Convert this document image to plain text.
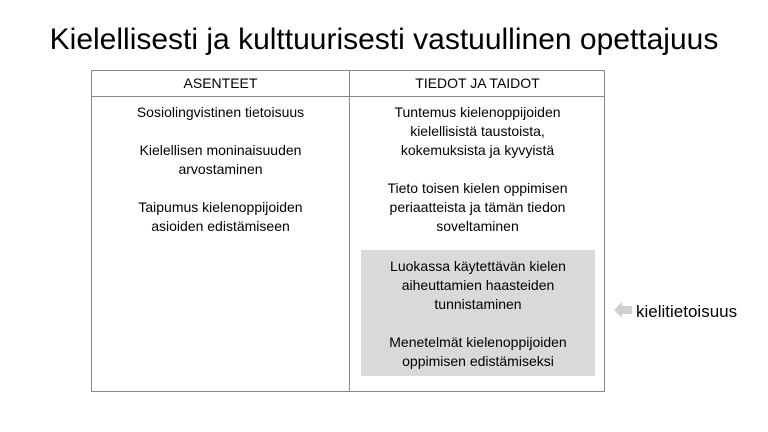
Kielellisesti ja kulttuurisesti vastuullinen opettajuus
ASENTEET	TIEDOT JA TAIDOT
Sosiolingvistinen tietoisuus
Kielellisen moninaisuuden
arvostaminen
Taipumus kielenoppijoiden
asioiden edistämiseen
Tuntemus kielenoppijoiden
kielellisistä taustoista,
kokemuksista ja kyvyistä
Tieto toisen kielen oppimisen
periaatteista ja tämän tiedon
soveltaminen
Luokassa käytettävän kielen
aiheuttamien haasteiden
tunnistaminen
Menetelmät kielenoppijoiden
oppimisen edistämiseksi
kielitietoisuus
